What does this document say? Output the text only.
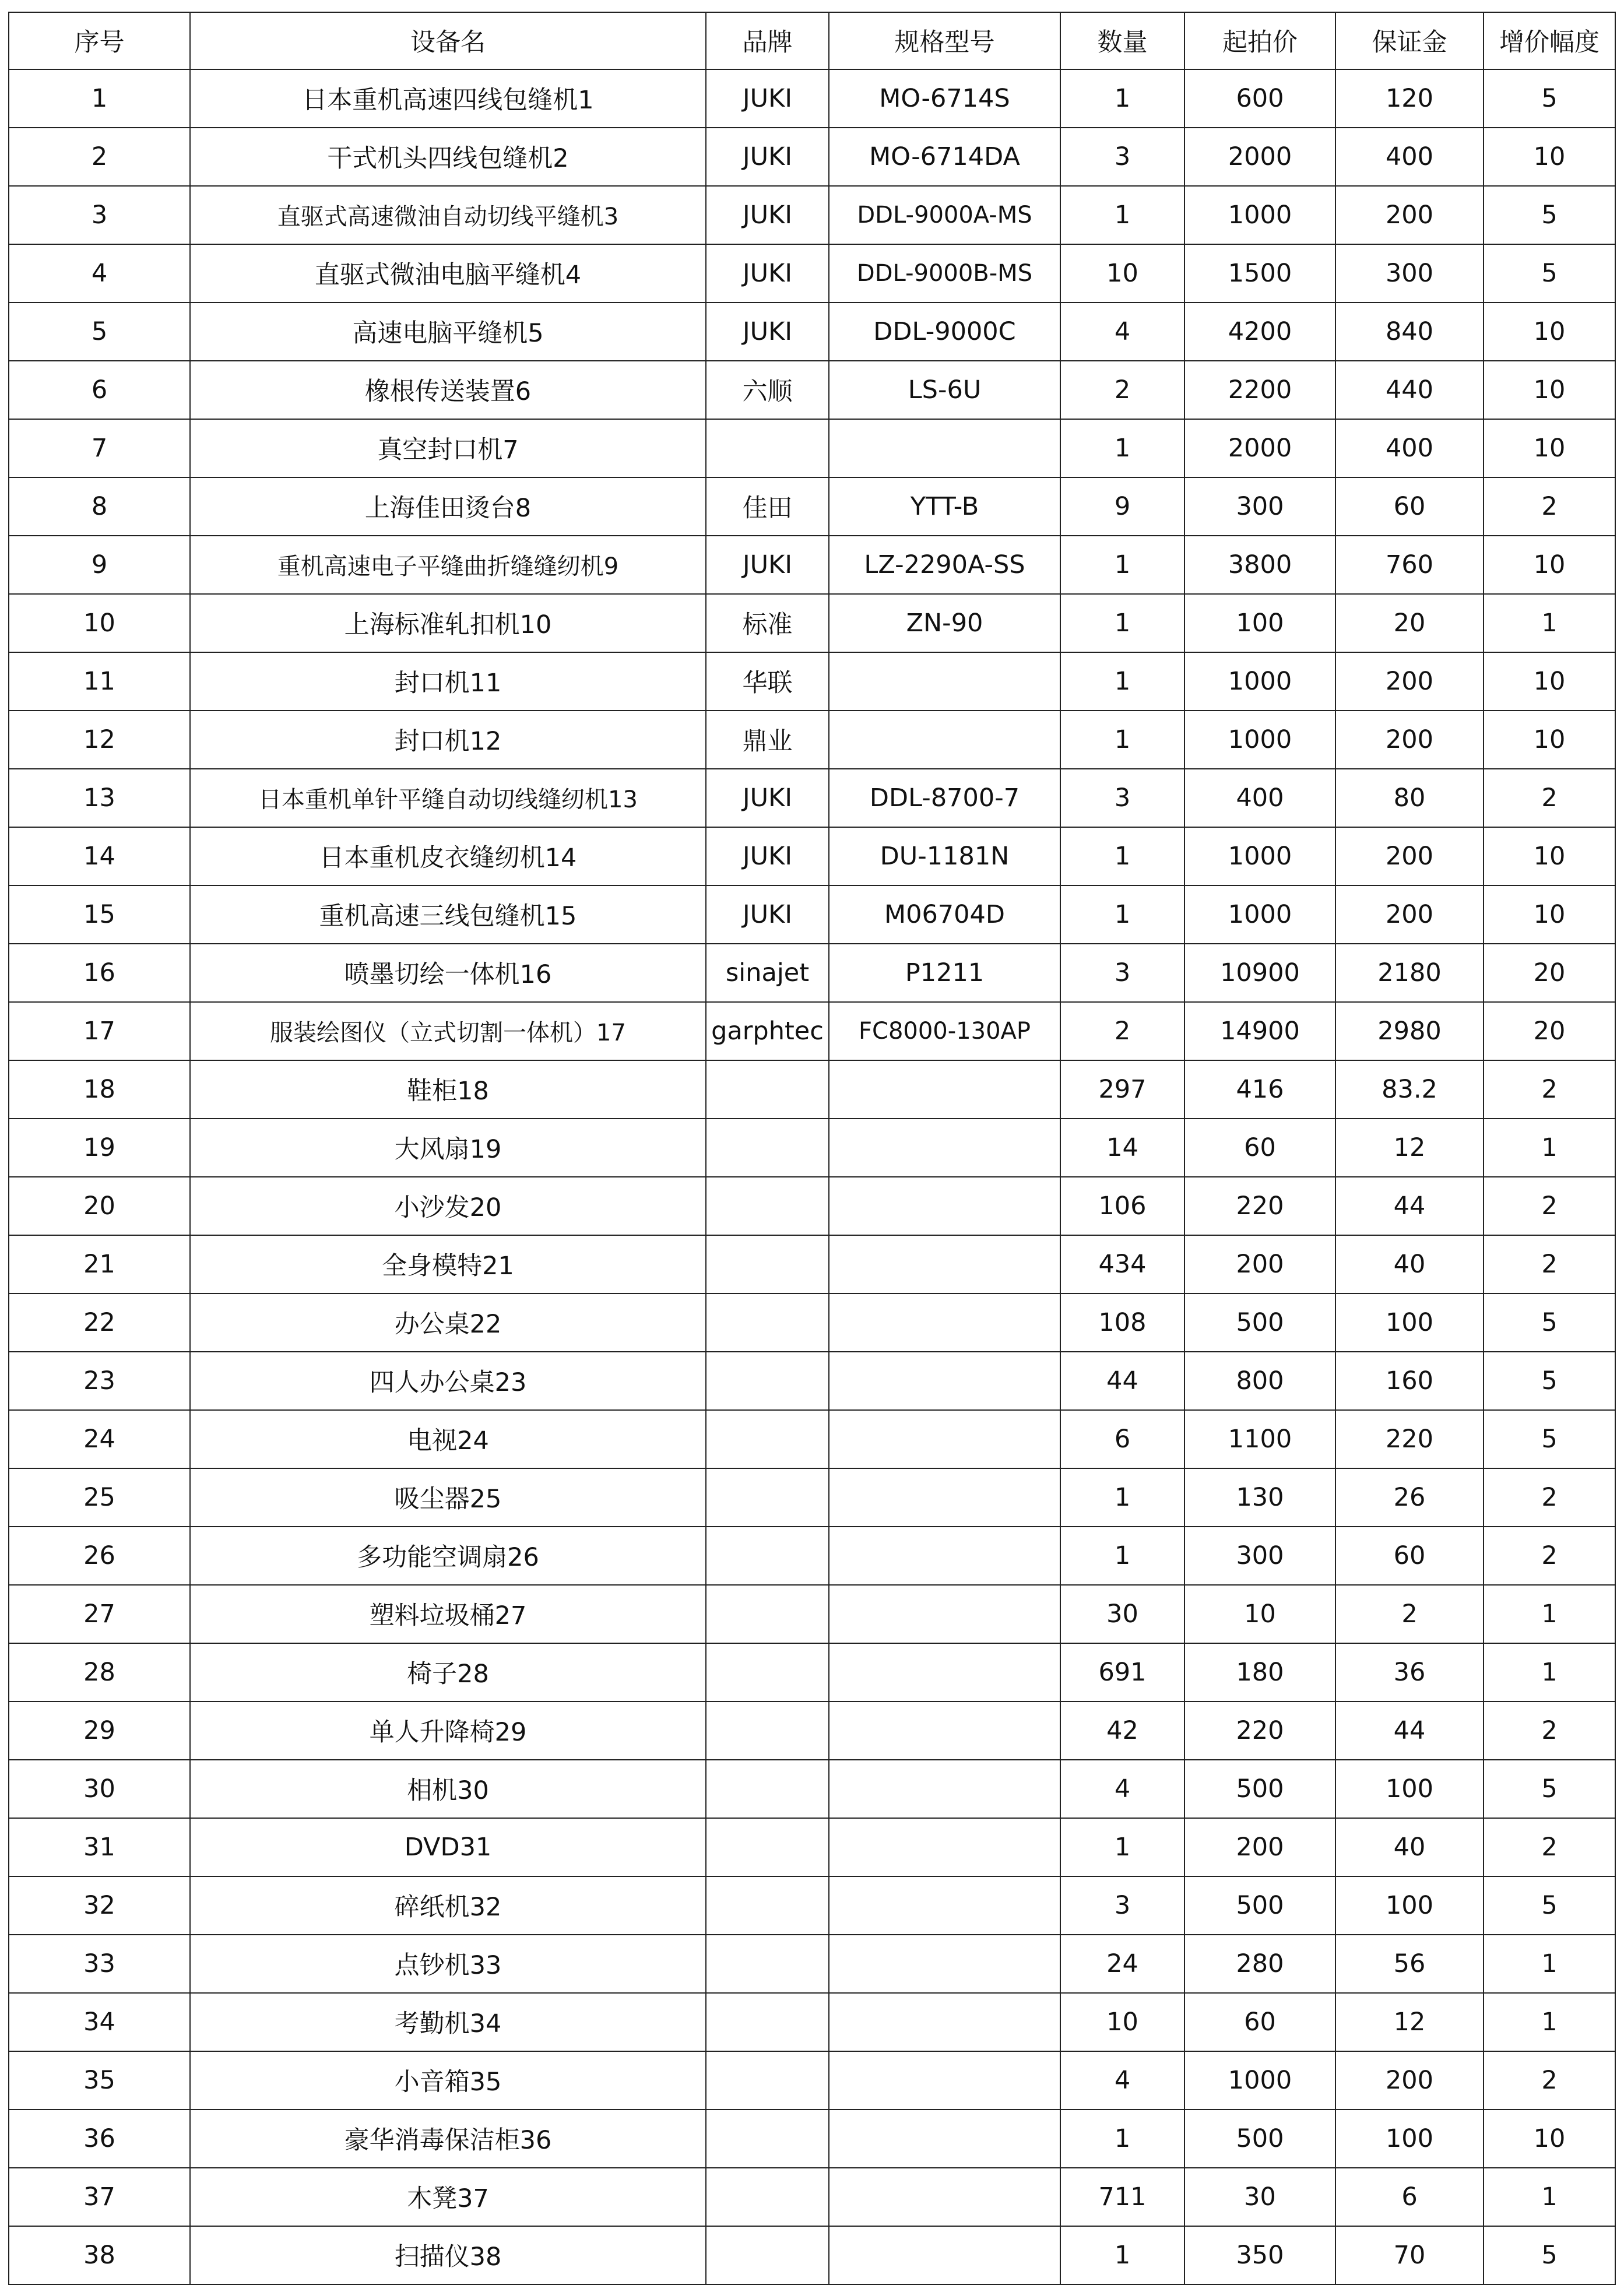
序号	设备名	品牌	规格型号	数量	起拍价	保证金	增价幅度
1	日本重机高速四线包缝机1	JUKI	MO-6714S	1	600	120	5
2	干式机头四线包缝机2	JUKI	MO-6714DA	3	2000	400	10
3	直驱式高速微油自动切线平缝机3	JUKI	DDL-9000A-MS	1	1000	200	5
4	直驱式微油电脑平缝机4	JUKI	DDL-9000B-MS	10	1500	300	5
5	高速电脑平缝机5	JUKI	DDL-9000C	4	4200	840	10
6	橡根传送装置6	六顺	LS-6U	2	2200	440	10
7	真空封口机7			1	2000	400	10
8	上海佳田烫台8	佳田	YTT-B	9	300	60	2
9	重机高速电子平缝曲折缝缝纫机9	JUKI	LZ-2290A-SS	1	3800	760	10
10	上海标准轧扣机10	标准	ZN-90	1	100	20	1
11	封口机11	华联		1	1000	200	10
12	封口机12	鼎业		1	1000	200	10
13	日本重机单针平缝自动切线缝纫机13	JUKI	DDL-8700-7	3	400	80	2
14	日本重机皮衣缝纫机14	JUKI	DU-1181N	1	1000	200	10
15	重机高速三线包缝机15	JUKI	M06704D	1	1000	200	10
16	喷墨切绘一体机16	sinajet	P1211	3	10900	2180	20
17	服装绘图仪（立式切割一体机）17	garphtec	FC8000-130AP	2	14900	2980	20
18	鞋柜18			297	416	83.2	2
19	大风扇19			14	60	12	1
20	小沙发20			106	220	44	2
21	全身模特21			434	200	40	2
22	办公桌22			108	500	100	5
23	四人办公桌23			44	800	160	5
24	电视24			6	1100	220	5
25	吸尘器25			1	130	26	2
26	多功能空调扇26			1	300	60	2
27	塑料垃圾桶27			30	10	2	1
28	椅子28			691	180	36	1
29	单人升降椅29			42	220	44	2
30	相机30			4	500	100	5
31	DVD31			1	200	40	2
32	碎纸机32			3	500	100	5
33	点钞机33			24	280	56	1
34	考勤机34			10	60	12	1
35	小音箱35			4	1000	200	2
36	豪华消毒保洁柜36			1	500	100	10
37	木凳37			711	30	6	1
38	扫描仪38			1	350	70	5
